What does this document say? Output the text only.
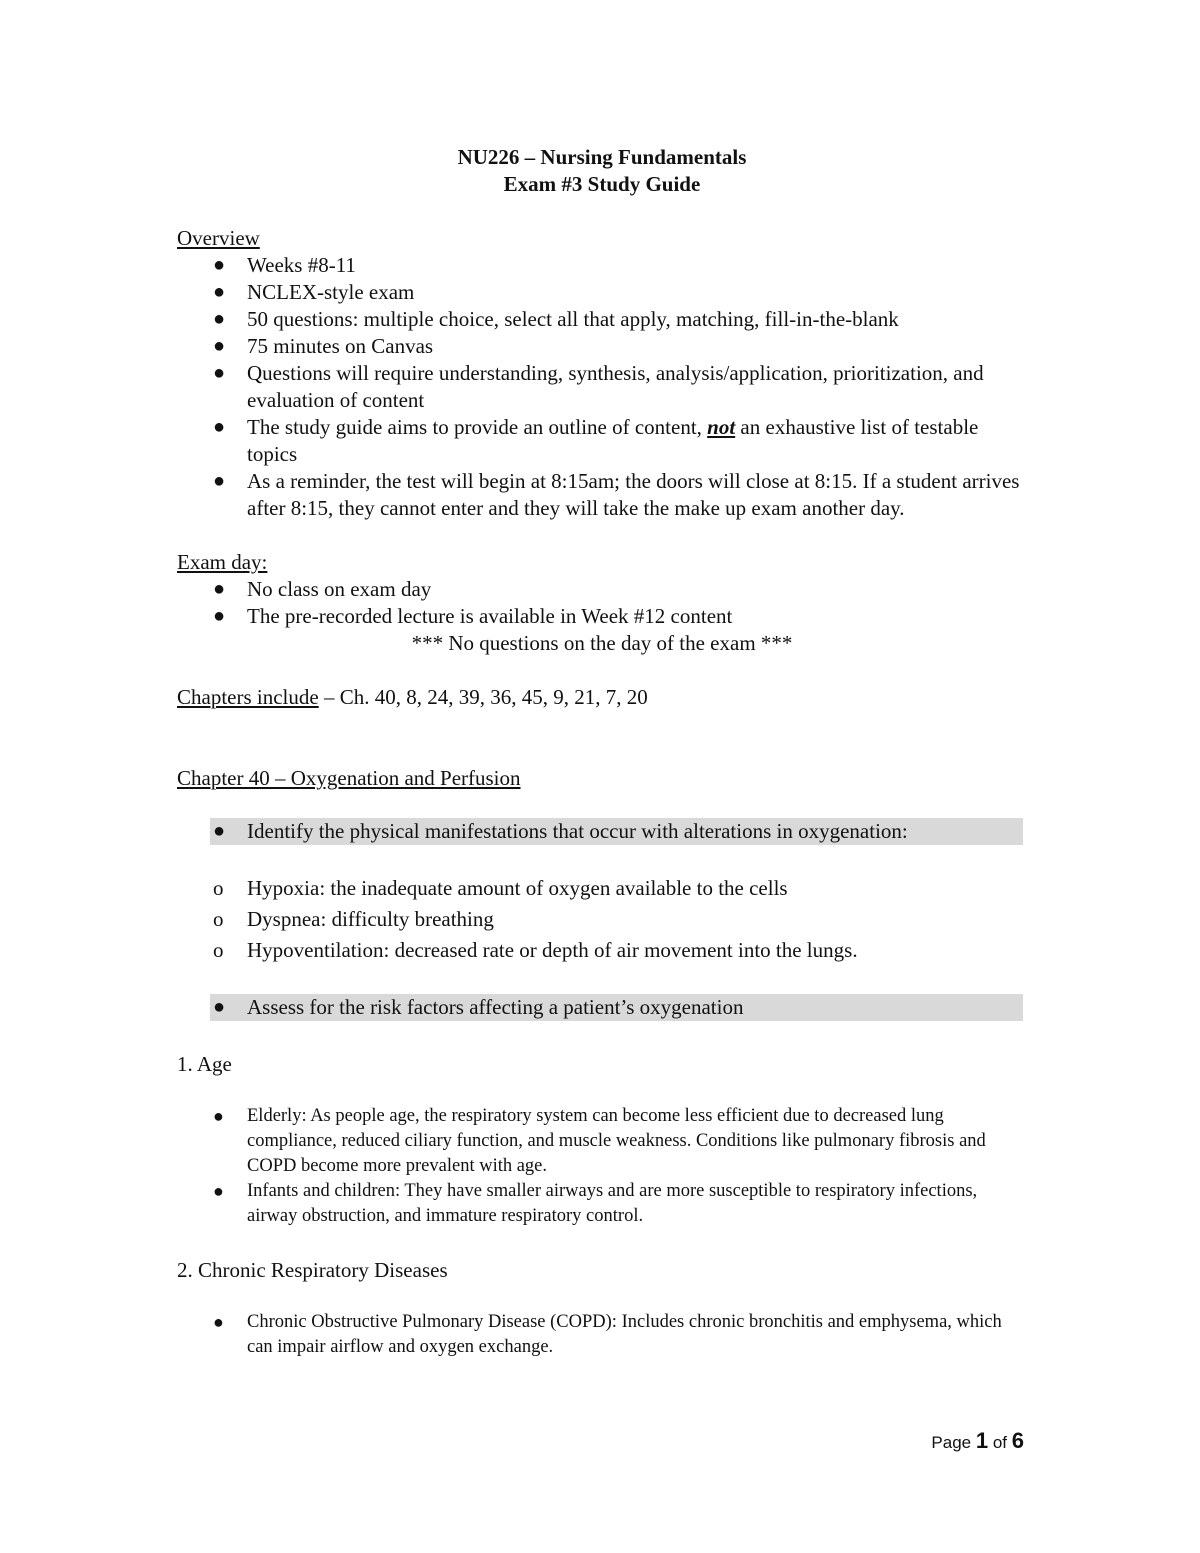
NU226 – Nursing Fundamentals
Exam #3 Study Guide
Overview
● Weeks #8-11
● NCLEX-style exam
● 50 questions: multiple choice, select all that apply, matching, fill-in-the-blank
● 75 minutes on Canvas
● Questions will require understanding, synthesis, analysis/application, prioritization, and evaluation of content
● The study guide aims to provide an outline of content, not an exhaustive list of testable topics
● As a reminder, the test will begin at 8:15am; the doors will close at 8:15. If a student arrives after 8:15, they cannot enter and they will take the make up exam another day.
Exam day:
● No class on exam day
● The pre-recorded lecture is available in Week #12 content
*** No questions on the day of the exam ***
Chapters include – Ch. 40, 8, 24, 39, 36, 45, 9, 21, 7, 20
Chapter 40 – Oxygenation and Perfusion
● Identify the physical manifestations that occur with alterations in oxygenation:
o Hypoxia: the inadequate amount of oxygen available to the cells
o Dyspnea: difficulty breathing
o Hypoventilation: decreased rate or depth of air movement into the lungs.
● Assess for the risk factors affecting a patient’s oxygenation
1. Age
● Elderly: As people age, the respiratory system can become less efficient due to decreased lung compliance, reduced ciliary function, and muscle weakness. Conditions like pulmonary fibrosis and COPD become more prevalent with age.
● Infants and children: They have smaller airways and are more susceptible to respiratory infections, airway obstruction, and immature respiratory control.
2. Chronic Respiratory Diseases
● Chronic Obstructive Pulmonary Disease (COPD): Includes chronic bronchitis and emphysema, which can impair airflow and oxygen exchange.
Page 1 of 6
